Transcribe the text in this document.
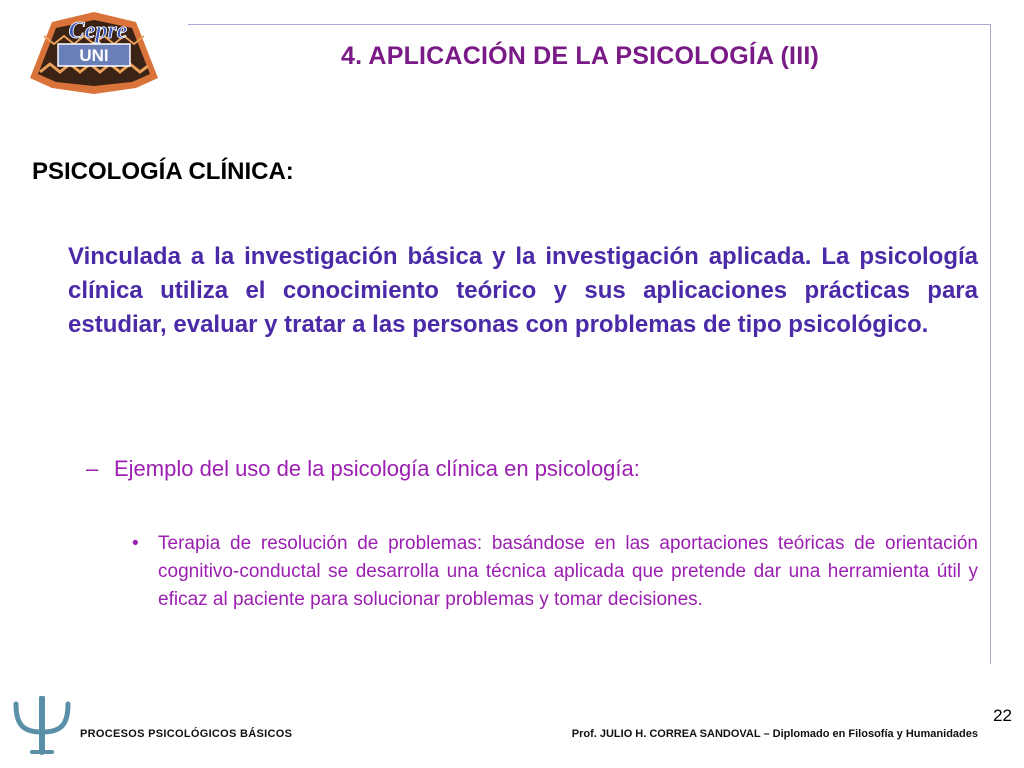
UNI
Cepre
4. APLICACIÓN DE LA PSICOLOGÍA (III)
PSICOLOGÍA CLÍNICA:

Vinculada a la investigación básica y la investigación aplicada. La psicología clínica utiliza el conocimiento teórico y sus aplicaciones prácticas para estudiar, evaluar y tratar a las personas con problemas de tipo psicológico.

– Ejemplo del uso de la psicología clínica en psicología:
•	Terapia de resolución de problemas: basándose en las aportaciones teóricas de orientación cognitivo-conductal se desarrolla una técnica aplicada que pretende dar una herramienta útil y eficaz al paciente para solucionar problemas y tomar decisiones.
PROCESOS PSICOLÓGICOS BÁSICOS	Prof. JULIO H. CORREA SANDOVAL – Diplomado en Filosofía y Humanidades
22
